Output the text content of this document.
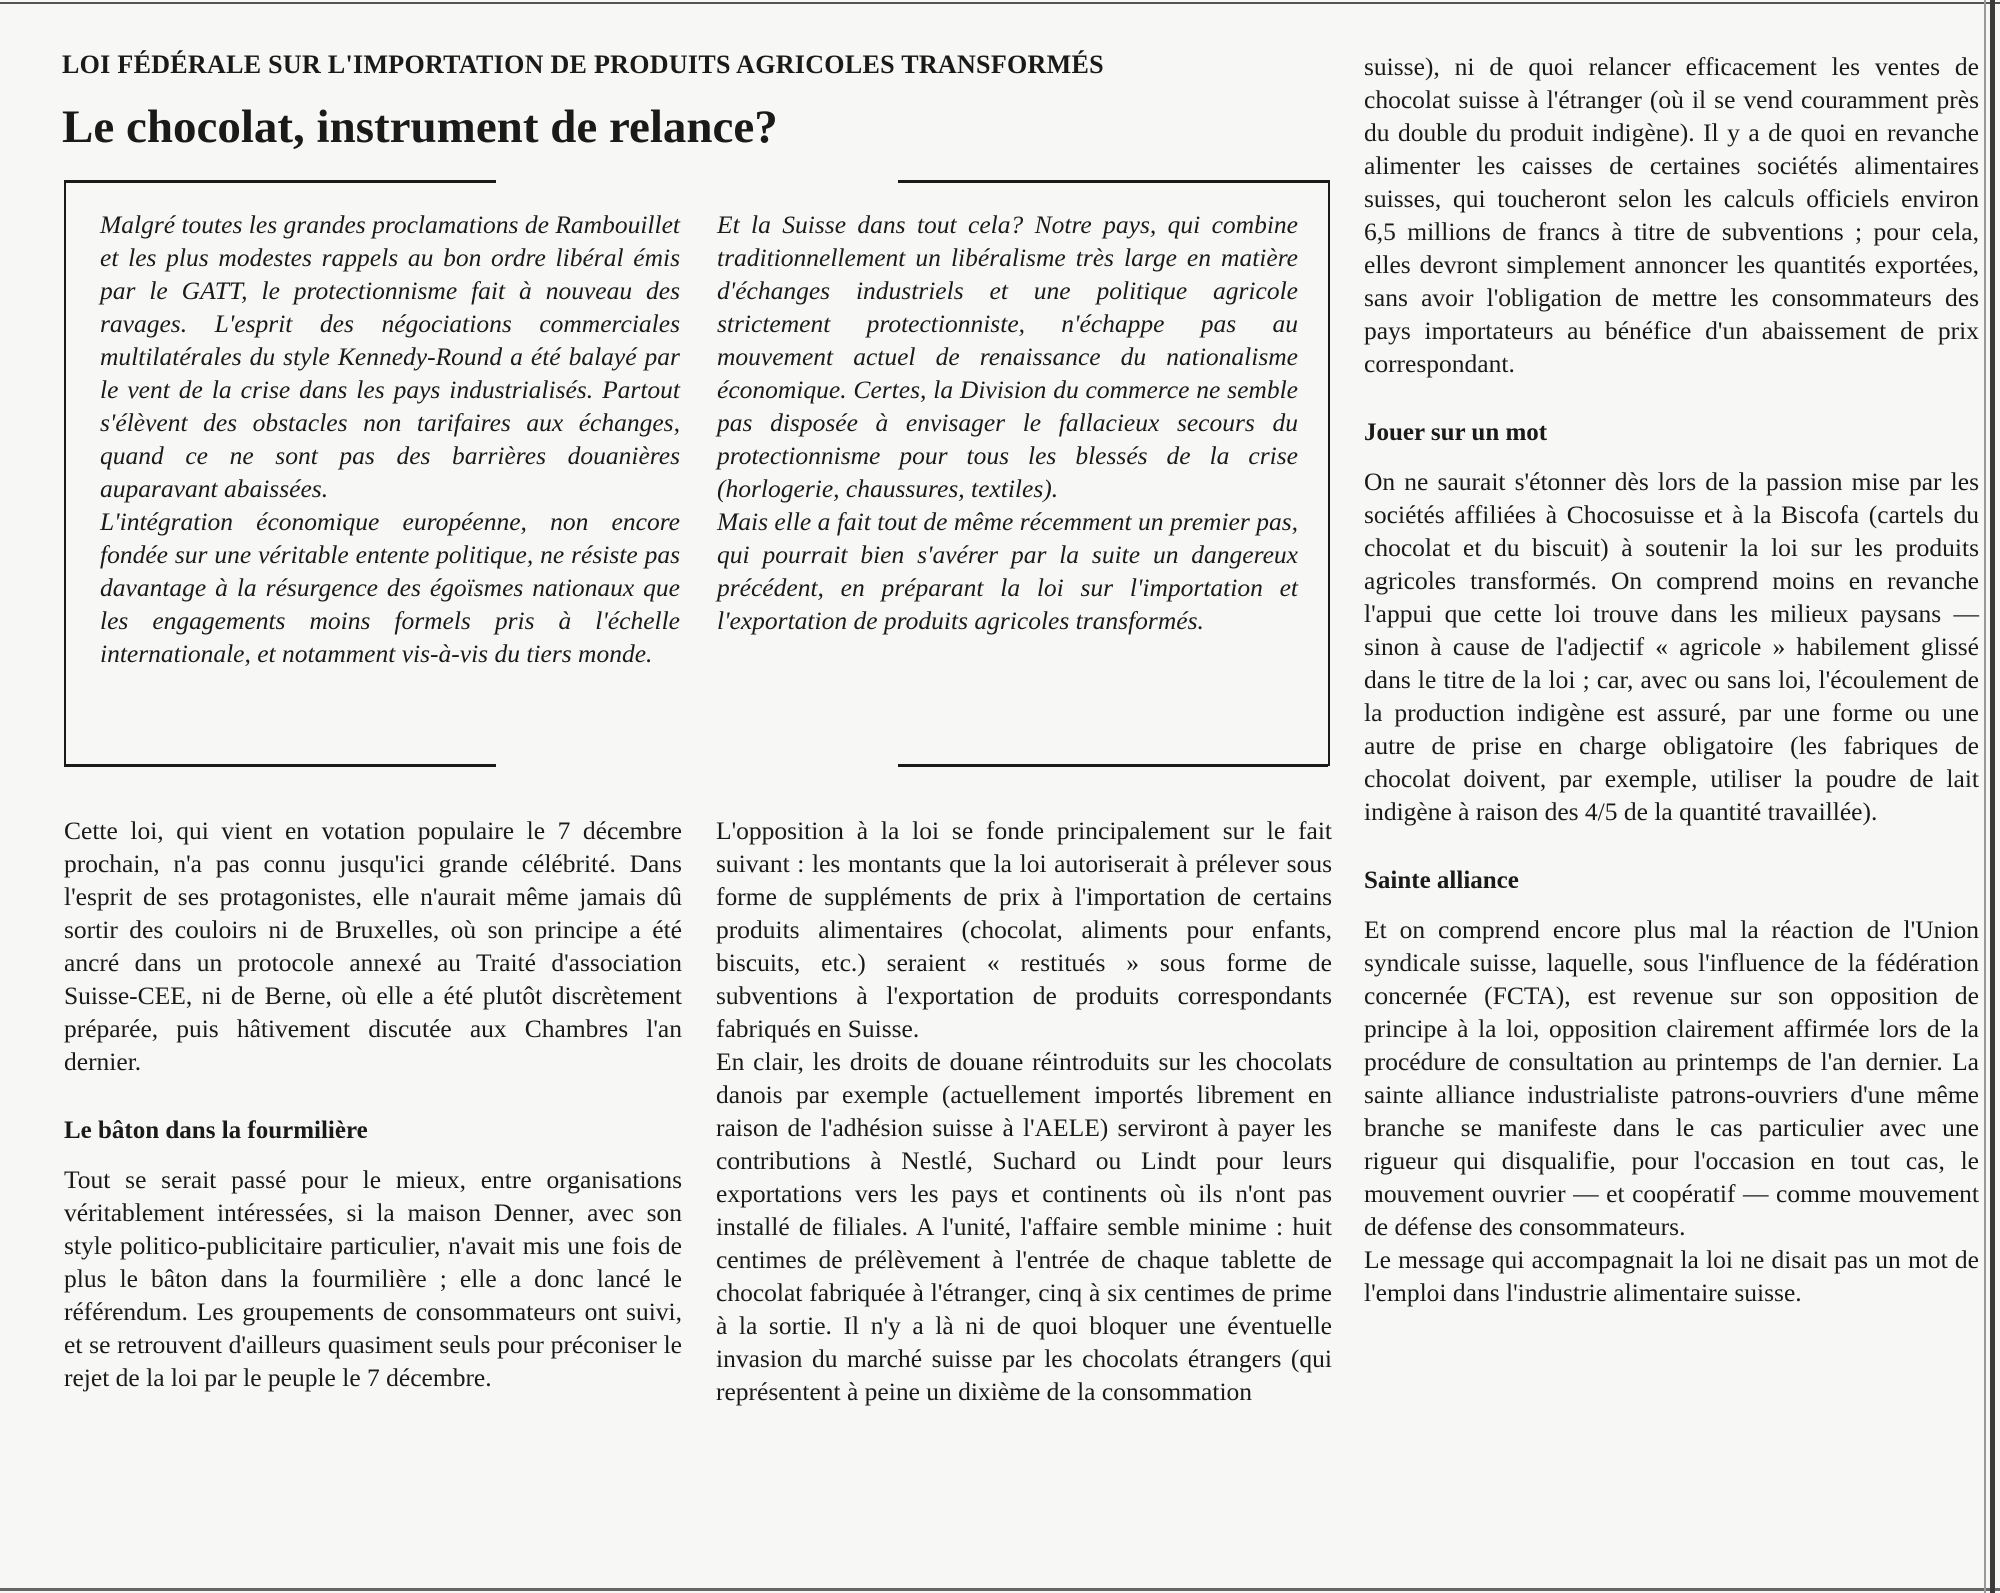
LOI FÉDÉRALE SUR L'IMPORTATION DE PRODUITS AGRICOLES TRANSFORMÉS
Le chocolat, instrument de relance?

Malgré toutes les grandes proclamations de Rambouillet et les plus modestes rappels au bon ordre libéral émis par le GATT, le protectionnisme fait à nouveau des ravages. L'esprit des négociations commerciales multilatérales du style Kennedy-Round a été balayé par le vent de la crise dans les pays industrialisés. Partout s'élèvent des obstacles non tarifaires aux échanges, quand ce ne sont pas des barrières douanières auparavant abaissées.

L'intégration économique européenne, non encore fondée sur une véritable entente politique, ne résiste pas davantage à la résurgence des égoïsmes nationaux que les engagements moins formels pris à l'échelle internationale, et notamment vis-à-vis du tiers monde.

Et la Suisse dans tout cela? Notre pays, qui combine traditionnellement un libéralisme très large en matière d'échanges industriels et une politique agricole strictement protectionniste, n'échappe pas au mouvement actuel de renaissance du nationalisme économique. Certes, la Division du commerce ne semble pas disposée à envisager le fallacieux secours du protectionnisme pour tous les blessés de la crise (horlogerie, chaussures, textiles).

Mais elle a fait tout de même récemment un premier pas, qui pourrait bien s'avérer par la suite un dangereux précédent, en préparant la loi sur l'importation et l'exportation de produits agricoles transformés.

Cette loi, qui vient en votation populaire le 7 décembre prochain, n'a pas connu jusqu'ici grande célébrité. Dans l'esprit de ses protagonistes, elle n'aurait même jamais dû sortir des couloirs ni de Bruxelles, où son principe a été ancré dans un protocole annexé au Traité d'association Suisse-CEE, ni de Berne, où elle a été plutôt discrètement préparée, puis hâtivement discutée aux Chambres l'an dernier.

Le bâton dans la fourmilière

Tout se serait passé pour le mieux, entre organisations véritablement intéressées, si la maison Denner, avec son style politico-publicitaire particulier, n'avait mis une fois de plus le bâton dans la fourmilière ; elle a donc lancé le référendum. Les groupements de consommateurs ont suivi, et se retrouvent d'ailleurs quasiment seuls pour préconiser le rejet de la loi par le peuple le 7 décembre.

L'opposition à la loi se fonde principalement sur le fait suivant : les montants que la loi autoriserait à prélever sous forme de suppléments de prix à l'importation de certains produits alimentaires (chocolat, aliments pour enfants, biscuits, etc.) seraient « restitués » sous forme de subventions à l'exportation de produits correspondants fabriqués en Suisse.

En clair, les droits de douane réintroduits sur les chocolats danois par exemple (actuellement importés librement en raison de l'adhésion suisse à l'AELE) serviront à payer les contributions à Nestlé, Suchard ou Lindt pour leurs exportations vers les pays et continents où ils n'ont pas installé de filiales. A l'unité, l'affaire semble minime : huit centimes de prélèvement à l'entrée de chaque tablette de chocolat fabriquée à l'étranger, cinq à six centimes de prime à la sortie. Il n'y a là ni de quoi bloquer une éventuelle invasion du marché suisse par les chocolats étrangers (qui représentent à peine un dixième de la consommation

suisse), ni de quoi relancer efficacement les ventes de chocolat suisse à l'étranger (où il se vend couramment près du double du produit indigène). Il y a de quoi en revanche alimenter les caisses de certaines sociétés alimentaires suisses, qui toucheront selon les calculs officiels environ 6,5 millions de francs à titre de subventions ; pour cela, elles devront simplement annoncer les quantités exportées, sans avoir l'obligation de mettre les consommateurs des pays importateurs au bénéfice d'un abaissement de prix correspondant.

Jouer sur un mot

On ne saurait s'étonner dès lors de la passion mise par les sociétés affiliées à Chocosuisse et à la Biscofa (cartels du chocolat et du biscuit) à soutenir la loi sur les produits agricoles transformés. On comprend moins en revanche l'appui que cette loi trouve dans les milieux paysans — sinon à cause de l'adjectif « agricole » habilement glissé dans le titre de la loi ; car, avec ou sans loi, l'écoulement de la production indigène est assuré, par une forme ou une autre de prise en charge obligatoire (les fabriques de chocolat doivent, par exemple, utiliser la poudre de lait indigène à raison des 4/5 de la quantité travaillée).

Sainte alliance

Et on comprend encore plus mal la réaction de l'Union syndicale suisse, laquelle, sous l'influence de la fédération concernée (FCTA), est revenue sur son opposition de principe à la loi, opposition clairement affirmée lors de la procédure de consultation au printemps de l'an dernier. La sainte alliance industrialiste patrons-ouvriers d'une même branche se manifeste dans le cas particulier avec une rigueur qui disqualifie, pour l'occasion en tout cas, le mouvement ouvrier — et coopératif — comme mouvement de défense des consommateurs.

Le message qui accompagnait la loi ne disait pas un mot de l'emploi dans l'industrie alimentaire suisse.
